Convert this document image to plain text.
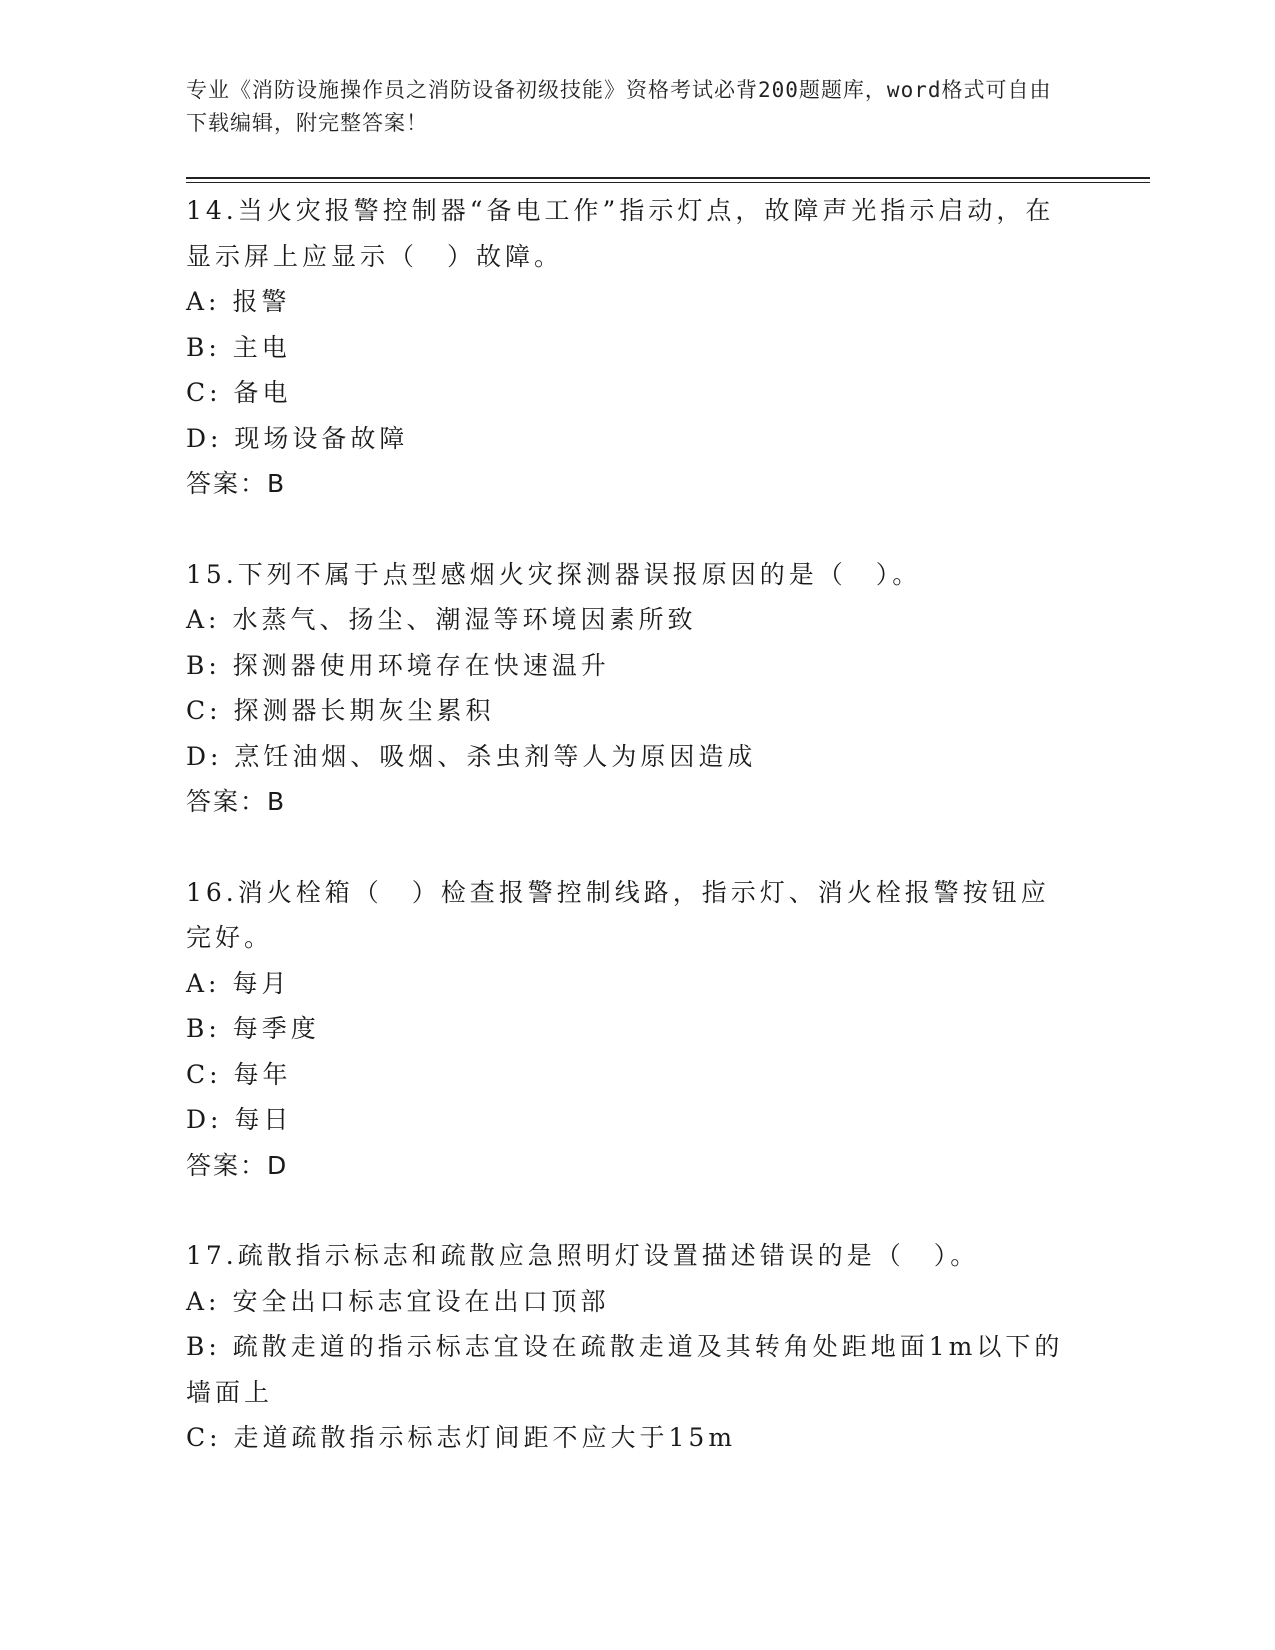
专业《消防设施操作员之消防设备初级技能》资格考试必背200题题库，word格式可自由下载编辑，附完整答案！

14.当火灾报警控制器“备电工作”指示灯点，故障声光指示启动，在显示屏上应显示（　）故障。

A: 报警

B: 主电

C: 备电

D: 现场设备故障

答案：B

15.下列不属于点型感烟火灾探测器误报原因的是（　）。

A: 水蒸气、扬尘、潮湿等环境因素所致

B: 探测器使用环境存在快速温升

C: 探测器长期灰尘累积

D: 烹饪油烟、吸烟、杀虫剂等人为原因造成

答案：B

16.消火栓箱（　）检查报警控制线路，指示灯、消火栓报警按钮应完好。

A: 每月

B: 每季度

C: 每年

D: 每日

答案：D

17.疏散指示标志和疏散应急照明灯设置描述错误的是（　）。

A: 安全出口标志宜设在出口顶部

B: 疏散走道的指示标志宜设在疏散走道及其转角处距地面1m以下的墙面上

C: 走道疏散指示标志灯间距不应大于15m
